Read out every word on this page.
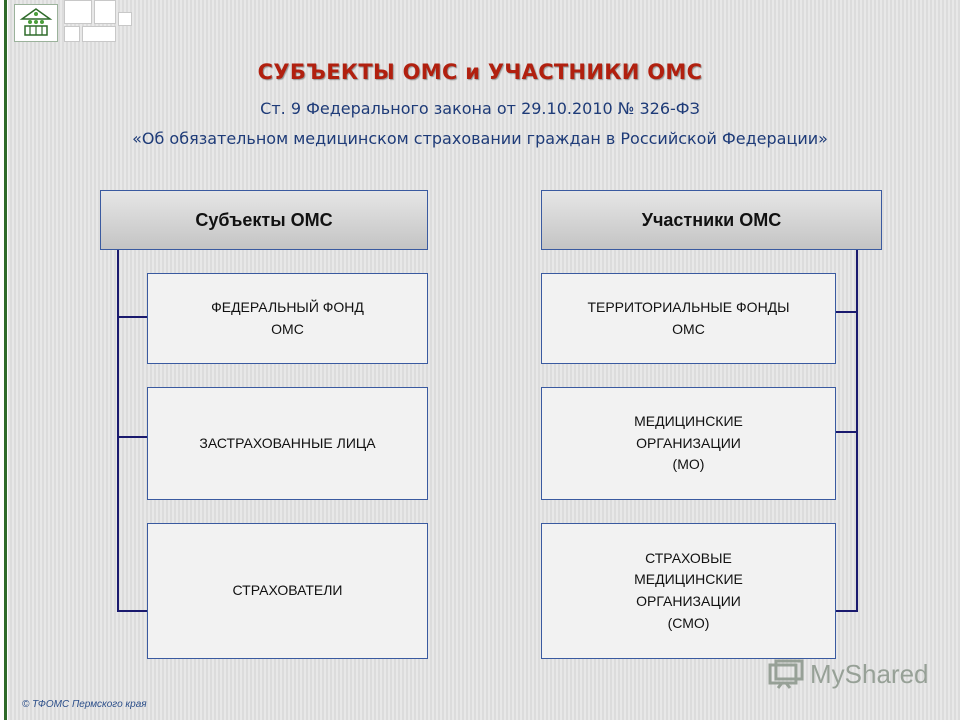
СУБЪЕКТЫ ОМС и УЧАСТНИКИ ОМС
Ст. 9 Федерального закона от 29.10.2010 № 326-ФЗ
«Об обязательном медицинском страховании граждан в Российской Федерации»
Субъекты ОМС
ФЕДЕРАЛЬНЫЙ ФОНД
ОМС
ЗАСТРАХОВАННЫЕ ЛИЦА
СТРАХОВАТЕЛИ
Участники ОМС
ТЕРРИТОРИАЛЬНЫЕ ФОНДЫ
ОМС
МЕДИЦИНСКИЕ
ОРГАНИЗАЦИИ
(МО)
СТРАХОВЫЕ
МЕДИЦИНСКИЕ
ОРГАНИЗАЦИИ
(СМО)
© ТФОМС Пермского края
MyShared
